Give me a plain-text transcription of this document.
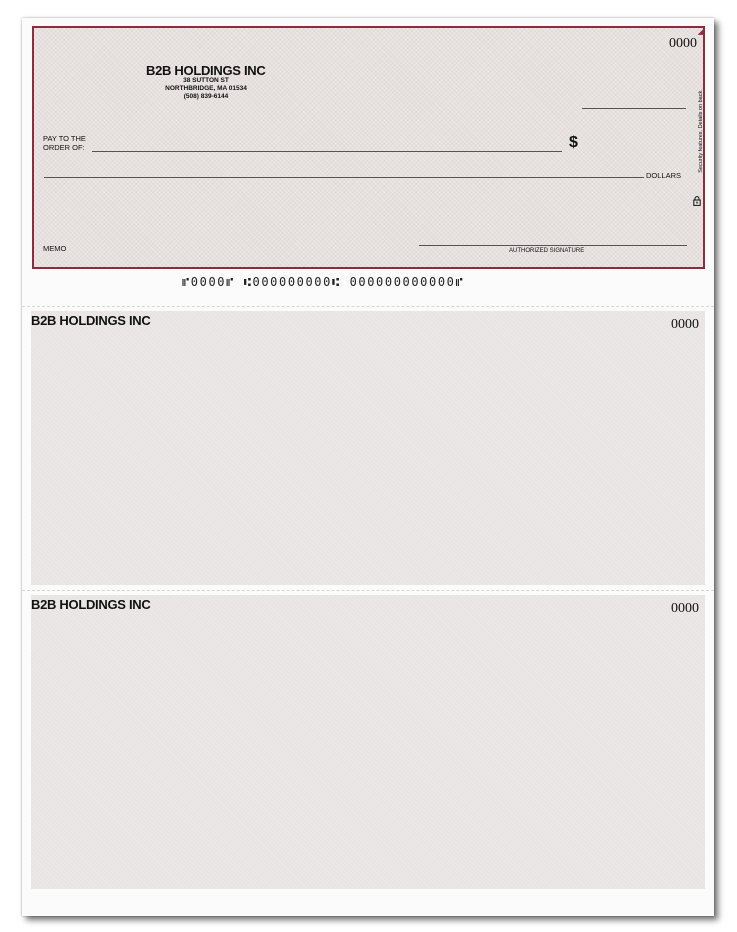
B2B HOLDINGS INC
38 SUTTON ST
NORTHBRIDGE, MA 01534
(508) 839-6144
0000
◢
PAY TO THE
ORDER OF:	$
DOLLARS
MEMO	AUTHORIZED SIGNATURE
Security features. Details on back.
⑈0000⑈ ⑆000000000⑆ 000000000000⑈
B2B HOLDINGS INC	0000
B2B HOLDINGS INC	0000
